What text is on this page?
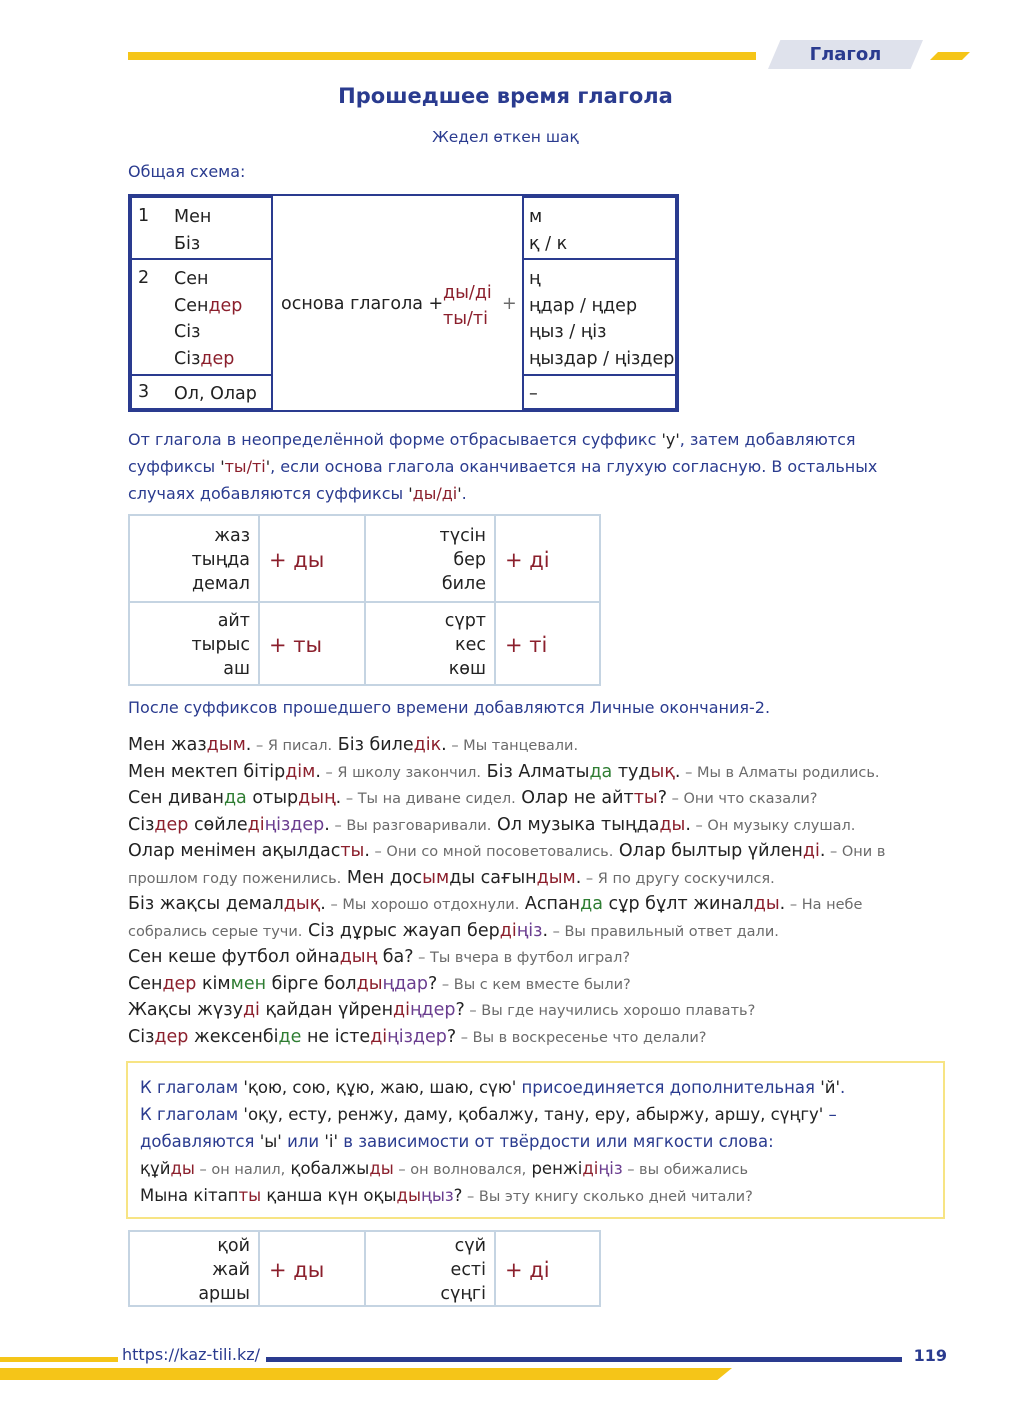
Глагол
Прошедшее время глагола
Жедел өткен шақ
Общая схема:
1 Мен
Біз
2 Сен
Сендер
Сіз
Сіздер
3 Ол, Олар
основа глагола +
ды/ді
ты/ті
+
м
қ / к
ң
ңдар / ңдер
ңыз / ңіз
ңыздар / ңіздер
–
От глагола в неопределённой форме отбрасывается суффикс 'у', затем добавляются суффиксы 'ты/ті', если основа глагола оканчивается на глухую согласную. В остальных случаях добавляются суффиксы 'ды/ді'.
жаз
тыңда
демал
+ ды
түсін
бер
биле
+ ді
айт
тырыс
аш
+ ты
сүрт
кес
көш
+ ті
После суффиксов прошедшего времени добавляются Личные окончания-2.
Мен жаздым. – Я писал. Біз биледік. – Мы танцевали.
Мен мектеп бітірдім. – Я школу закончил. Біз Алматыда тудық. – Мы в Алматы родились.
Сен диванда отырдың. – Ты на диване сидел. Олар не айтты? – Они что сказали?
Сіздер сөйледіңіздер. – Вы разговаривали. Ол музыка тыңдады. – Он музыку слушал.
Олар менімен ақылдасты. – Они со мной посоветовались. Олар былтыр үйленді. – Они в
прошлом году поженились. Мен досымды сағындым. – Я по другу соскучился.
Біз жақсы демалдық. – Мы хорошо отдохнули. Аспанда сұр бұлт жиналды. – На небе
собрались серые тучи. Сіз дұрыс жауап бердіңіз. – Вы правильный ответ дали.
Сен кеше футбол ойнадың ба? – Ты вчера в футбол играл?
Сендер кіммен бірге болдыңдар? – Вы с кем вместе были?
Жақсы жүзуді қайдан үйрендіңдер? – Вы где научились хорошо плавать?
Сіздер жексенбіде не істедіңіздер? – Вы в воскресенье что делали?
К глаголам 'қою, сою, құю, жаю, шаю, сүю' присоединяется дополнительная 'й'.
К глаголам 'оқу, есту, ренжу, даму, қобалжу, тану, еру, абыржу, аршу, сүңгу' –
добавляются 'ы' или 'і' в зависимости от твёрдости или мягкости слова:
құйды – он налил, қобалжыды – он волновался, ренжідіңіз – вы обижались
Мына кітапты қанша күн оқыдыңыз? – Вы эту книгу сколько дней читали?
қой
жай
аршы
+ ды
сүй
есті
сүңгі
+ ді
https://kaz-tili.kz/	119
